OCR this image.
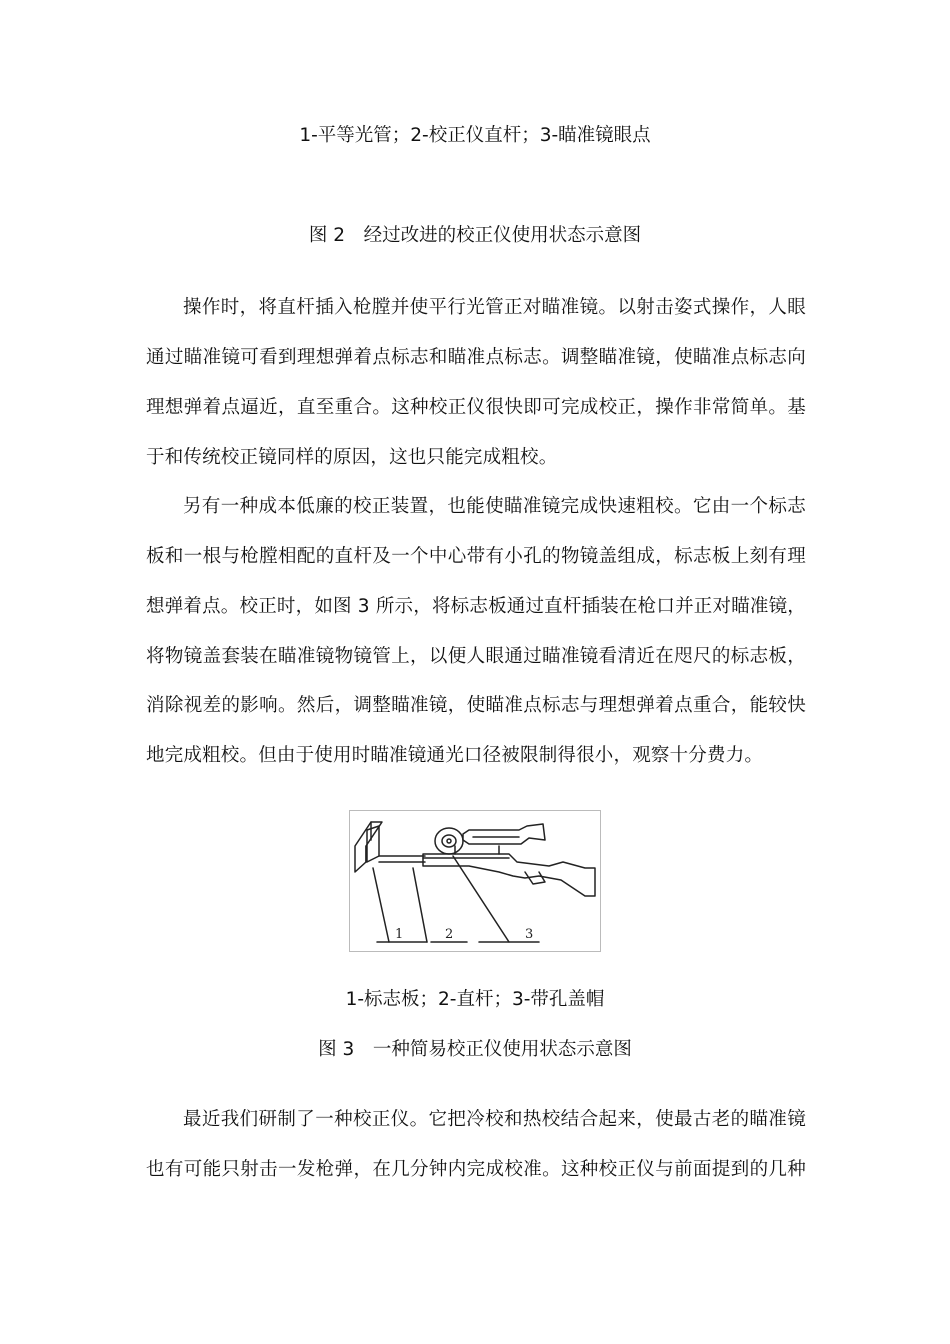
1-平等光管；2-校正仪直杆；3-瞄准镜眼点
图 2　经过改进的校正仪使用状态示意图
操作时，将直杆插入枪膛并使平行光管正对瞄准镜。以射击姿式操作，人眼
通过瞄准镜可看到理想弹着点标志和瞄准点标志。调整瞄准镜，使瞄准点标志向
理想弹着点逼近，直至重合。这种校正仪很快即可完成校正，操作非常简单。基
于和传统校正镜同样的原因，这也只能完成粗校。
另有一种成本低廉的校正装置，也能使瞄准镜完成快速粗校。它由一个标志
板和一根与枪膛相配的直杆及一个中心带有小孔的物镜盖组成，标志板上刻有理
想弹着点。校正时，如图 3 所示，将标志板通过直杆插装在枪口并正对瞄准镜，
将物镜盖套装在瞄准镜物镜管上，以便人眼通过瞄准镜看清近在咫尺的标志板，
消除视差的影响。然后，调整瞄准镜，使瞄准点标志与理想弹着点重合，能较快
地完成粗校。但由于使用时瞄准镜通光口径被限制得很小，观察十分费力。
1	2	3
1-标志板；2-直杆；3-带孔盖帽
图 3　一种简易校正仪使用状态示意图
最近我们研制了一种校正仪。它把冷校和热校结合起来，使最古老的瞄准镜
也有可能只射击一发枪弹，在几分钟内完成校准。这种校正仪与前面提到的几种
